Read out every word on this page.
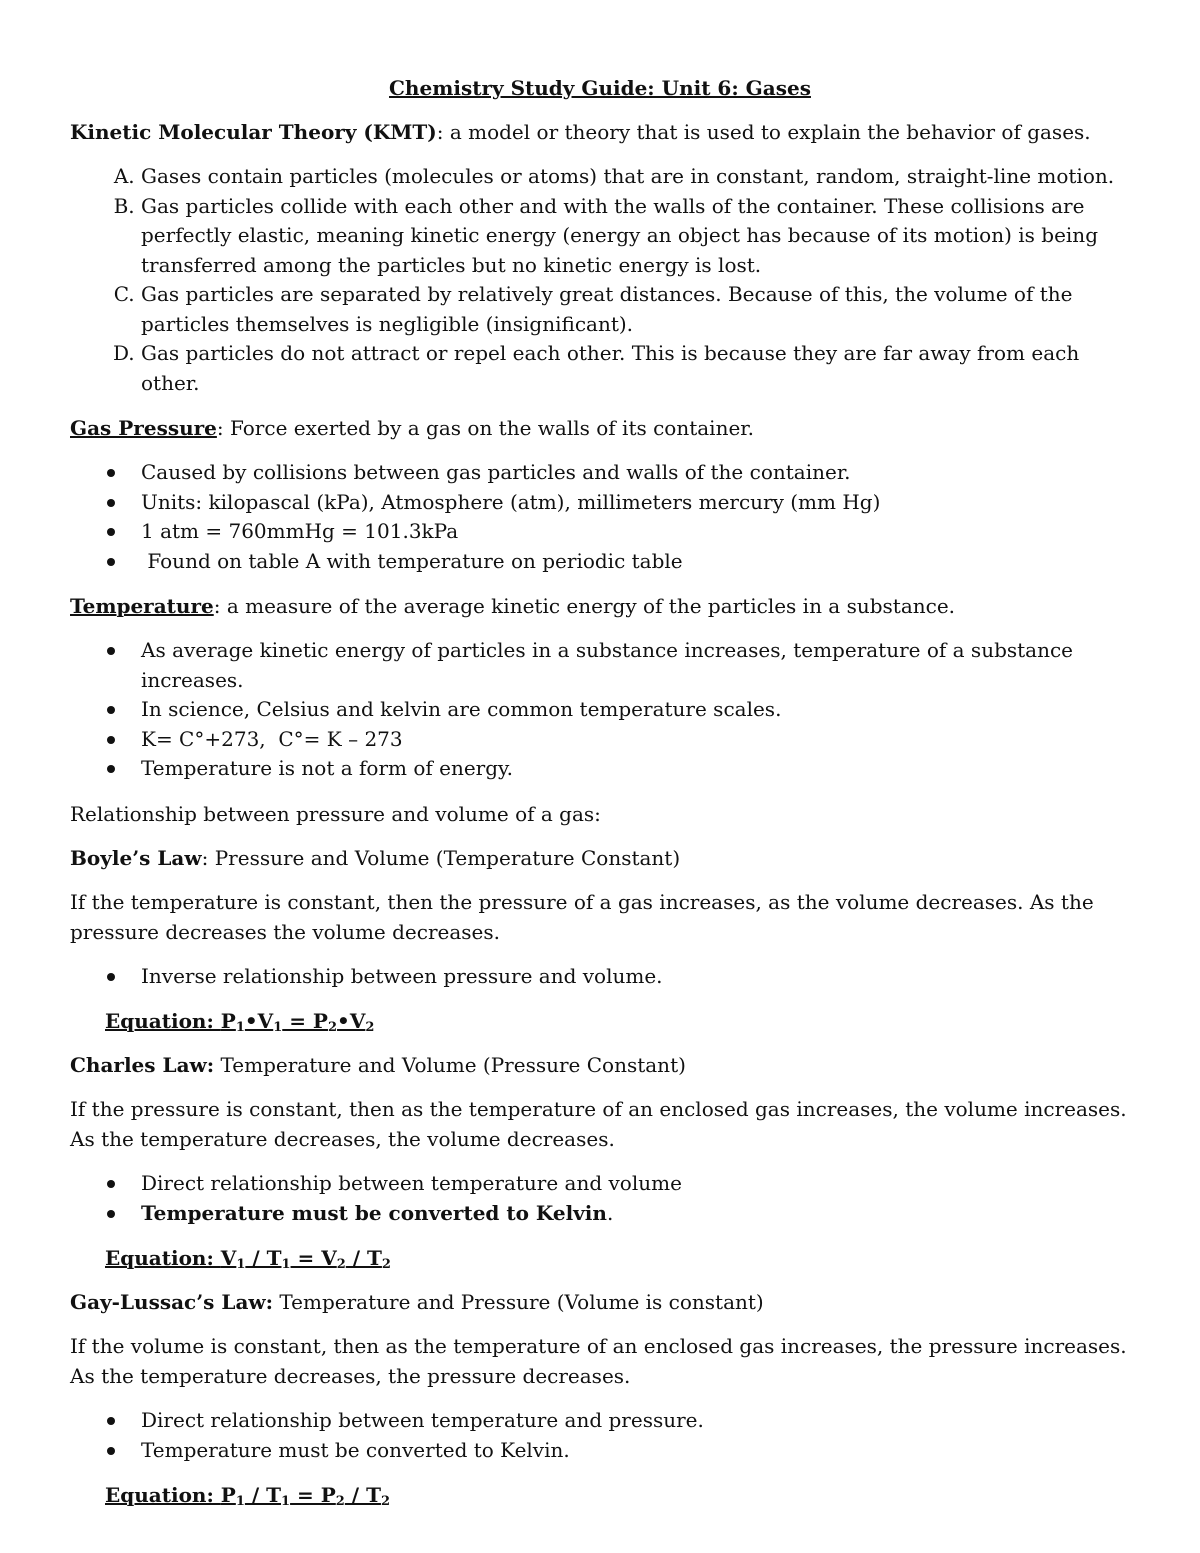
Chemistry Study Guide: Unit 6: Gases

Kinetic Molecular Theory (KMT): a model or theory that is used to explain the behavior of gases.

A. Gases contain particles (molecules or atoms) that are in constant, random, straight-line motion.
B. Gas particles collide with each other and with the walls of the container. These collisions are perfectly elastic, meaning kinetic energy (energy an object has because of its motion) is being transferred among the particles but no kinetic energy is lost.
C. Gas particles are separated by relatively great distances. Because of this, the volume of the particles themselves is negligible (insignificant).
D. Gas particles do not attract or repel each other. This is because they are far away from each other.

Gas Pressure: Force exerted by a gas on the walls of its container.

Caused by collisions between gas particles and walls of the container.
Units: kilopascal (kPa), Atmosphere (atm), millimeters mercury (mm Hg)
1 atm = 760mmHg = 101.3kPa
Found on table A with temperature on periodic table

Temperature: a measure of the average kinetic energy of the particles in a substance.

As average kinetic energy of particles in a substance increases, temperature of a substance increases.
In science, Celsius and kelvin are common temperature scales.
K= C°+273,  C°= K – 273
Temperature is not a form of energy.

Relationship between pressure and volume of a gas:

Boyle’s Law: Pressure and Volume (Temperature Constant)

If the temperature is constant, then the pressure of a gas increases, as the volume decreases. As the pressure decreases the volume decreases.

Inverse relationship between pressure and volume.

Equation: $P_1•V_1$ = $P_2•V_2$

Charles Law: Temperature and Volume (Pressure Constant)

If the pressure is constant, then as the temperature of an enclosed gas increases, the volume increases. As the temperature decreases, the volume decreases.

Direct relationship between temperature and volume
Temperature must be converted to Kelvin.

Equation: $V_1 / T_1 = V_2 / T_2$

Gay-Lussac’s Law: Temperature and Pressure (Volume is constant)

If the volume is constant, then as the temperature of an enclosed gas increases, the pressure increases. As the temperature decreases, the pressure decreases.

Direct relationship between temperature and pressure.
Temperature must be converted to Kelvin.

Equation: $P_1 / T_1 = P_2 / T_2$
